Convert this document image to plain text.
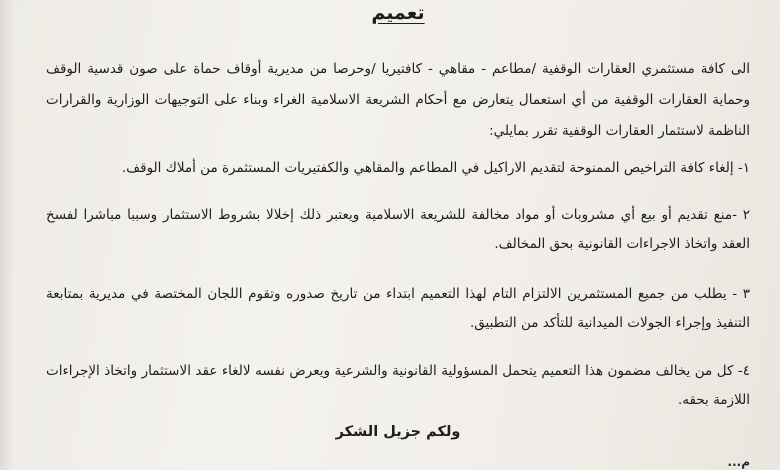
تعميم
الى كافة مستثمري العقارات الوقفية /مطاعم - مقاهي - كافتيريا /وحرصا من مديرية أوقاف حماة على صون قدسية الوقف وحماية العقارات الوقفية من أي استعمال يتعارض مع أحكام الشريعة الاسلامية الغراء وبناء على التوجيهات الوزارية والقرارات الناظمة لاستثمار العقارات الوقفية تقرر بمايلي:
١- إلغاء كافة التراخيص الممنوحة لتقديم الاراكيل في المطاعم والمقاهي والكفتيريات المستثمرة من أملاك الوقف.
٢ -منع تقديم أو بيع أي مشروبات أو مواد مخالفة للشريعة الاسلامية ويعتبر ذلك إخلالا بشروط الاستثمار وسببا مباشرا لفسخ العقد واتخاذ الاجراءات القانونية بحق المخالف.
٣ - يطلب من جميع المستثمرين الالتزام التام لهذا التعميم ابتداء من تاريخ صدوره وتقوم اللجان المختصة في مديرية بمتابعة التنفيذ وإجراء الجولات الميدانية للتأكد من التطبيق.
٤- كل من يخالف مضمون هذا التعميم يتحمل المسؤولية القانونية والشرعية ويعرض نفسه لالغاء عقد الاستثمار واتخاذ الإجراءات اللازمة بحقه.
ولكم جزيل الشكر
م...
